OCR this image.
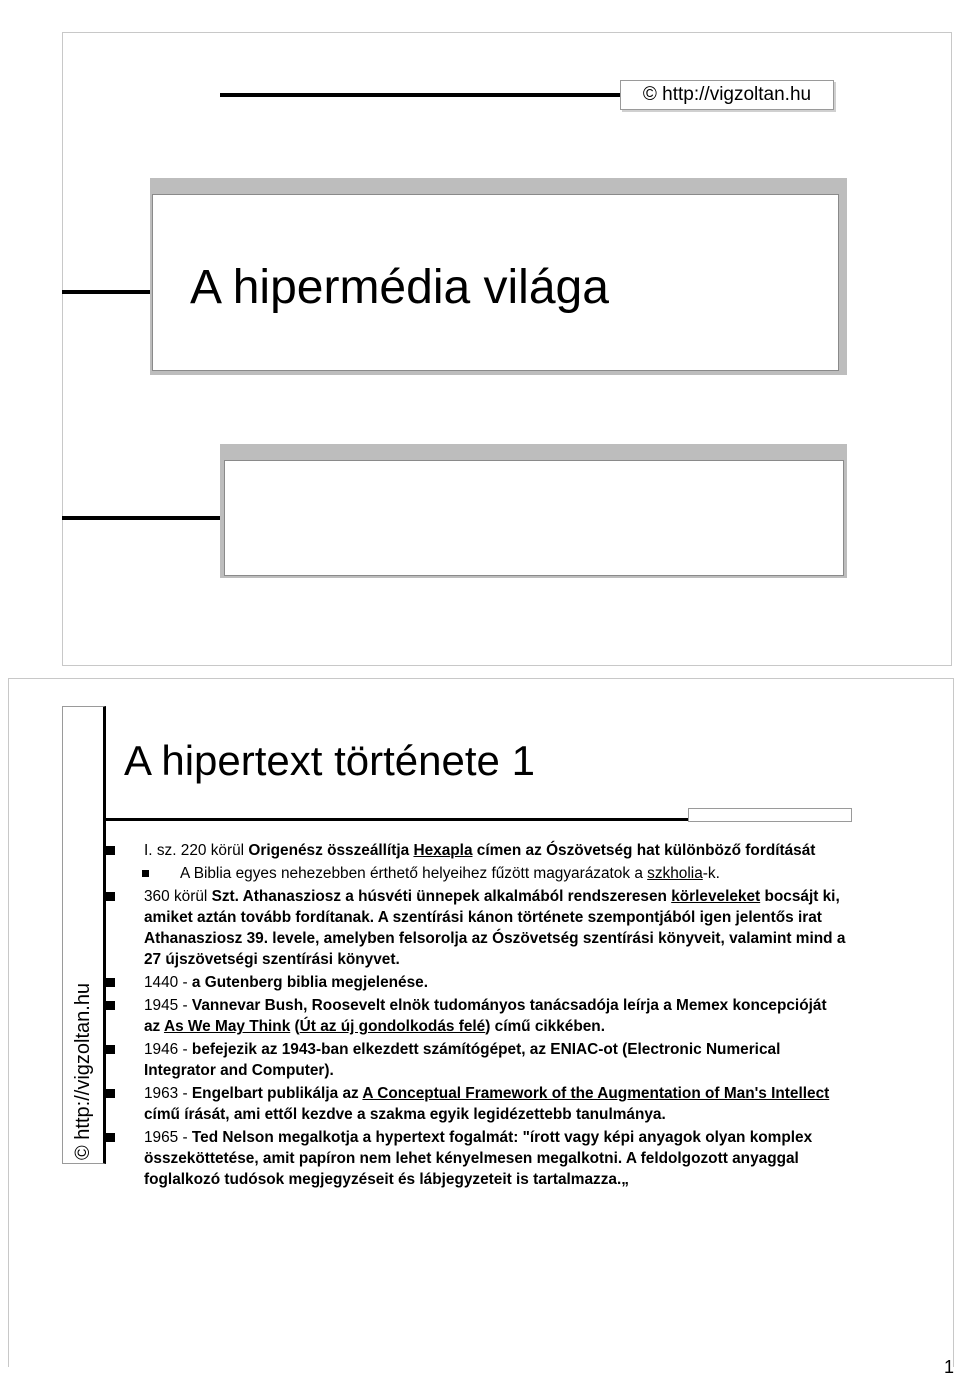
© http://vigzoltan.hu
A hipermédia világa
© http://vigzoltan.hu
A hipertext története 1
I. sz. 220 körül Origenész összeállítja Hexapla címen az Ószövetség hat különböző fordítását
A Biblia egyes nehezebben érthető helyeihez fűzött magyarázatok a szkholia-k.
360 körül Szt. Athanasziosz a húsvéti ünnepek alkalmából rendszeresen körleveleket bocsájt ki, amiket aztán tovább fordítanak. A szentírási kánon története szempontjából igen jelentős irat Athanasziosz 39. levele, amelyben felsorolja az Ószövetség szentírási könyveit, valamint mind a 27 újszövetségi szentírási könyvet.
1440 - a Gutenberg biblia megjelenése.
1945 - Vannevar Bush, Roosevelt elnök tudományos tanácsadója leírja a Memex koncepcióját az As We May Think (Út az új gondolkodás felé) című cikkében.
1946 - befejezik az 1943-ban elkezdett számítógépet, az ENIAC-ot (Electronic Numerical Integrator and Computer).
1963 - Engelbart publikálja az A Conceptual Framework of the Augmentation of Man's Intellect című írását, ami ettől kezdve a szakma egyik legidézettebb tanulmánya.
1965 - Ted Nelson megalkotja a hypertext fogalmát: "írott vagy képi anyagok olyan komplex összeköttetése, amit papíron nem lehet kényelmesen megalkotni. A feldolgozott anyaggal foglalkozó tudósok megjegyzéseit és lábjegyzeteit is tartalmazza.„
1
